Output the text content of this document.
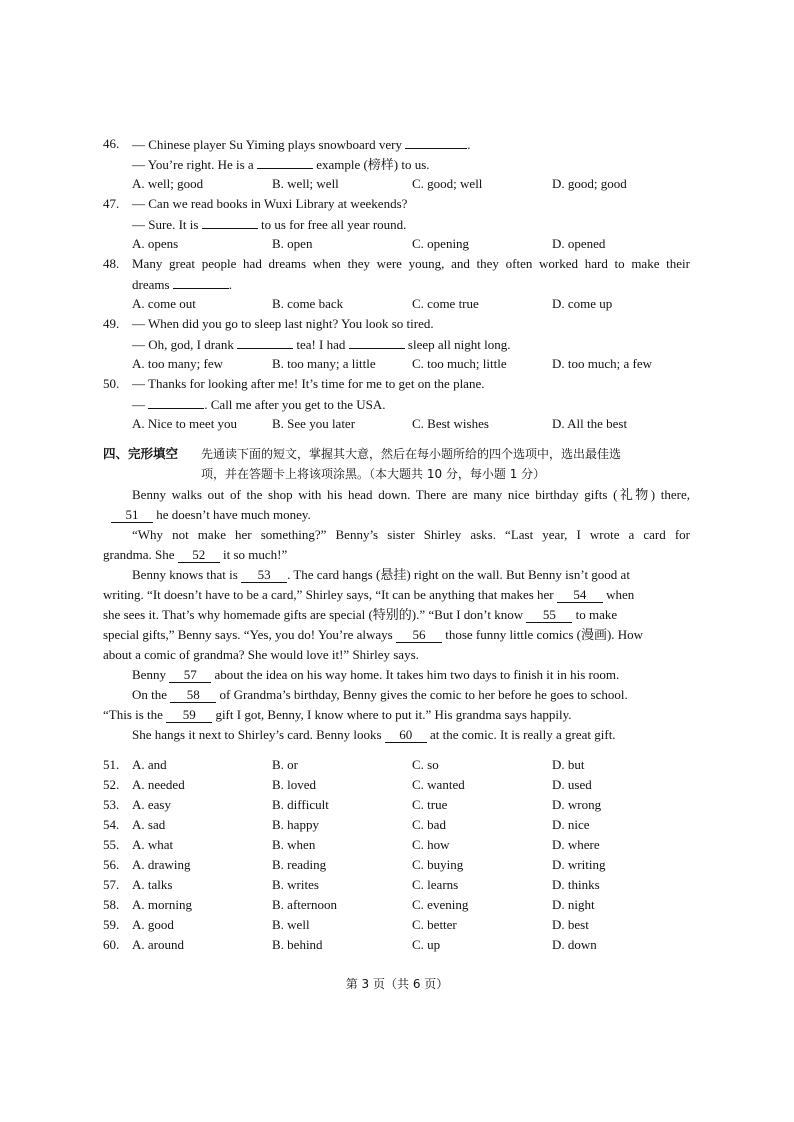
46. — Chinese player Su Yiming plays snowboard very	.
— You’re right. He is a	example (榜样) to us.
A. well; good	B. well; well	C. good; well	D. good; good
47. — Can we read books in Wuxi Library at weekends?
— Sure. It is	to us for free all year round.
A. opens	B. open	C. opening	D. opened
48. Many great people had dreams when they were young, and they often worked hard to make their
dreams	.
A. come out	B. come back	C. come true	D. come up
49. — When did you go to sleep last night? You look so tired.
— Oh, god, I drank	tea! I had	sleep all night long.
A. too many; few	B. too many; a little	C. too much; little	D. too much; a few
50. — Thanks for looking after me! It’s time for me to get on the plane.
—	. Call me after you get to the USA.
A. Nice to meet you	B. See you later	C. Best wishes	D. All the best
四、完形填空 先通读下面的短文，掌握其大意，然后在每小题所给的四个选项中，选出最佳选
项，并在答题卡上将该项涂黑。（本大题共 10 分，每小题 1 分）
Benny walks out of the shop with his head down. There are many nice birthday gifts (礼物) there,
51 he doesn’t have much money.
“Why not make her something?” Benny’s sister Shirley asks. “Last year, I wrote a card for
grandma. She 52 it so much!”
Benny knows that is 53 . The card hangs (悬挂) right on the wall. But Benny isn’t good at
writing. “It doesn’t have to be a card,” Shirley says, “It can be anything that makes her 54 when
she sees it. That’s why homemade gifts are special (特别的).” “But I don’t know 55 to make
special gifts,” Benny says. “Yes, you do! You’re always 56 those funny little comics (漫画). How
about a comic of grandma? She would love it!” Shirley says.
Benny 57 about the idea on his way home. It takes him two days to finish it in his room.
On the 58 of Grandma’s birthday, Benny gives the comic to her before he goes to school.
“This is the 59 gift I got, Benny, I know where to put it.” His grandma says happily.
She hangs it next to Shirley’s card. Benny looks 60 at the comic. It is really a great gift.
51. A. and	B. or	C. so	D. but
52. A. needed	B. loved	C. wanted	D. used
53. A. easy	B. difficult	C. true	D. wrong
54. A. sad	B. happy	C. bad	D. nice
55. A. what	B. when	C. how	D. where
56. A. drawing	B. reading	C. buying	D. writing
57. A. talks	B. writes	C. learns	D. thinks
58. A. morning	B. afternoon	C. evening	D. night
59. A. good	B. well	C. better	D. best
60. A. around	B. behind	C. up	D. down
第 3 页（共 6 页）
